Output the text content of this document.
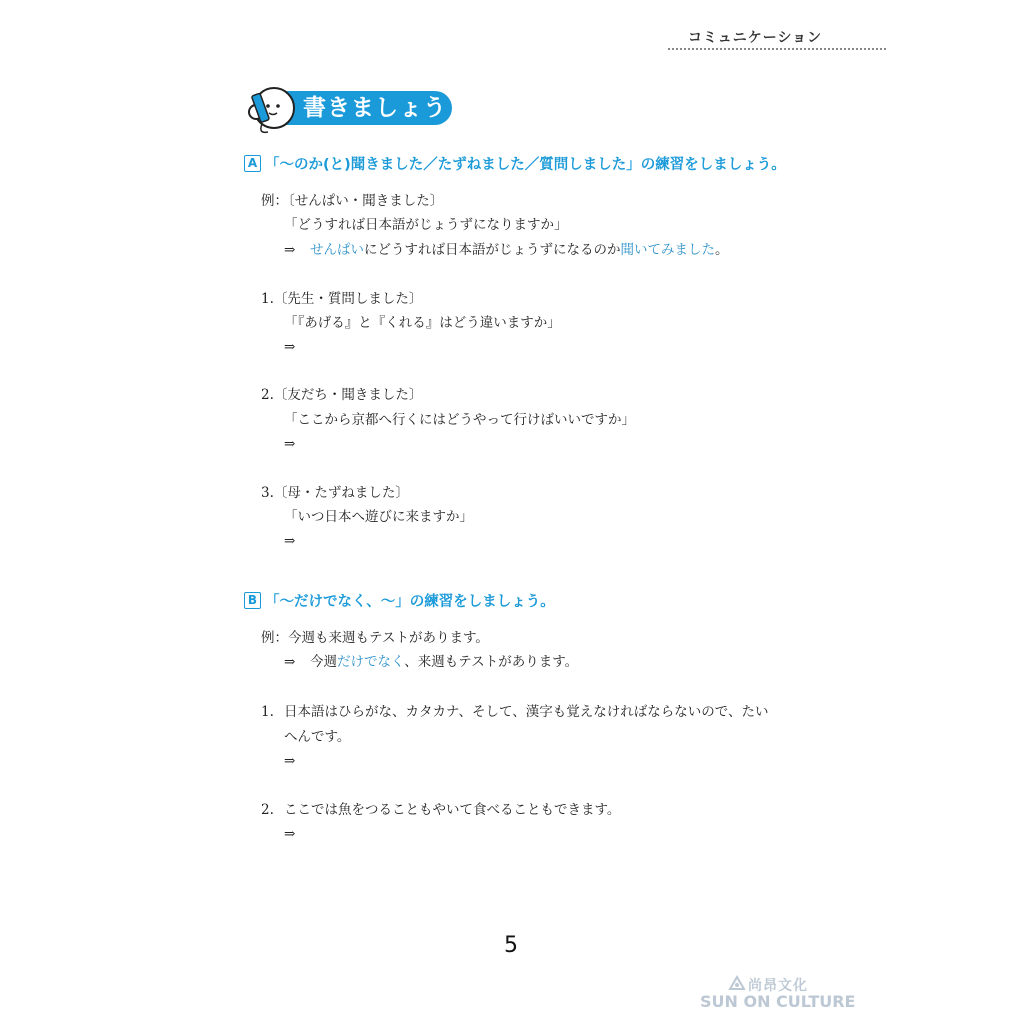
コミュニケーション
書きましょう
A 「〜のか(と)聞きました／たずねました／質問しました」の練習をしましょう。
例：〔せんぱい・聞きました〕
「どうすれば日本語がじょうずになりますか」
⇒ せんぱいにどうすれば日本語がじょうずになるのか聞いてみました。
1.〔先生・質問しました〕
「『あげる』と『くれる』はどう違いますか」
⇒
2.〔友だち・聞きました〕
「ここから京都へ行くにはどうやって行けばいいですか」
⇒
3.〔母・たずねました〕
「いつ日本へ遊びに来ますか」
⇒
B 「〜だけでなく、〜」の練習をしましょう。
例：今週も来週もテストがあります。
⇒ 今週だけでなく、来週もテストがあります。
1. 日本語はひらがな、カタカナ、そして、漢字も覚えなければならないので、たい
へんです。
⇒
2. ここでは魚をつることもやいて食べることもできます。
⇒
5
尚昂文化
SUN ON CULTURE
